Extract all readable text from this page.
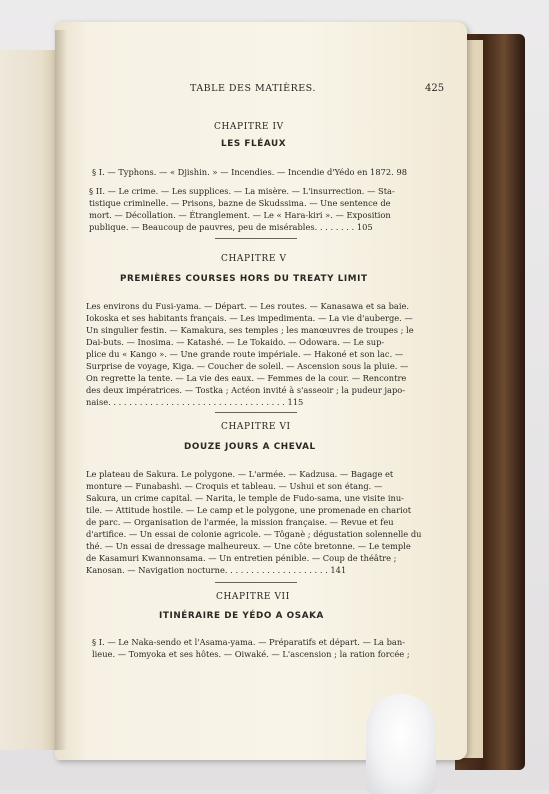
TABLE DES MATIÈRES.	425
CHAPITRE IV
LES FLÉAUX
§ I. — Typhons. — « Djishin. » — Incendies. — Incendie d'Yédo en 1872. 98
§ II. — Le crime. — Les supplices. — La misère. — L'insurrection. — Sta-
tistique criminelle. — Prisons, bazne de Skudssima. — Une sentence de
mort. — Décollation. — Étranglement. — Le « Hara-kiri ». — Exposition
publique. — Beaucoup de pauvres, peu de misérables. . . . . . . . 105
CHAPITRE V
PREMIÈRES COURSES HORS DU TREATY LIMIT
Les environs du Fusi-yama. — Départ. — Les routes. — Kanasawa et sa baie.
Iokoska et ses habitants français. — Les impedimenta. — La vie d'auberge. —
Un singulier festin. — Kamakura, ses temples ; les manœuvres de troupes ; le
Dai-buts. — Inosima. — Katashé. — Le Tokaido. — Odowara. — Le sup-
plice du « Kango ». — Une grande route impériale. — Hakoné et son lac. —
Surprise de voyage, Kiga. — Coucher de soleil. — Ascension sous la pluie. —
On regrette la tente. — La vie des eaux. — Femmes de la cour. — Rencontre
des deux impératrices. — Tostka ; Actéon invité à s'asseoir ; la pudeur japo-
naise. . . . . . . . . . . . . . . . . . . . . . . . . . . . . . . . . . 115
CHAPITRE VI
DOUZE JOURS A CHEVAL
Le plateau de Sakura. Le polygone. — L'armée. — Kadzusa. — Bagage et
monture — Funabashi. — Croquis et tableau. — Ushui et son étang. —
Sakura, un crime capital. — Narita, le temple de Fudo-sama, une visite inu-
tile. — Attitude hostile. — Le camp et le polygone, une promenade en chariot
de parc. — Organisation de l'armée, la mission française. — Revue et feu
d'artifice. — Un essai de colonie agricole. — Tôganè ; dégustation solennelle du
thé. — Un essai de dressage malheureux. — Une côte bretonne. — Le temple
de Kasamuri Kwannonsama. — Un entretien pénible. — Coup de théâtre ;
Kanosan. — Navigation nocturne. . . . . . . . . . . . . . . . . . . . 141
CHAPITRE VII
ITINÉRAIRE DE YÉDO A OSAKA
§ I. — Le Naka-sendo et l'Asama-yama. — Préparatifs et départ. — La ban-
lieue. — Tomyoka et ses hôtes. — Oiwaké. — L'ascension ; la ration forcée ;
